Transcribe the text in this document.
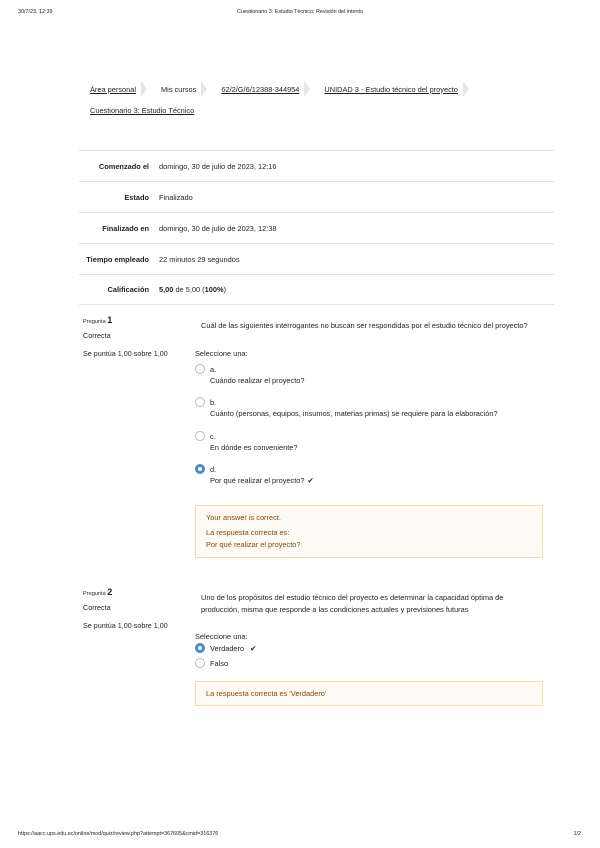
30/7/23, 12:39	Cuestionario 3: Estudio Técnico: Revisión del intento
Área personal	Mis cursos	62/2/G/6/12388-344954	UNIDAD 3 - Estudio técnico del proyecto
Cuestionario 3: Estudio Técnico
Comenzado el domingo, 30 de julio de 2023, 12:16
Estado Finalizado
Finalizado en domingo, 30 de julio de 2023, 12:38
Tiempo empleado 22 minutos 29 segundos
Calificación 5,00 de 5,00 (100%)
Pregunta 1
Correcta
Se puntúa 1,00 sobre 1,00
Cuál de las siguientes interrogantes no buscan ser respondidas por el estudio técnico del proyecto?
Seleccione una:
a.
Cuándo realizar el proyecto?
b.
Cuánto (personas, equipos, insumos, materias primas) se requiere para la elaboración?
c.
En dónde es conveniente?
d.
Por qué realizar el proyecto? ✔
Your answer is correct.
La respuesta correcta es:
Por qué realizar el proyecto?
Pregunta 2
Correcta
Se puntúa 1,00 sobre 1,00
Uno de los propósitos del estudio técnico del proyecto es determinar la capacidad óptima de producción, misma que responde a las condiciones actuales y previsiones futuras
Seleccione una:
Verdadero ✔
Falso
La respuesta correcta es 'Verdadero'
https://aacc.ups.edu.ec/online/mod/quiz/review.php?attempt=367605&cmid=316376	1/2
